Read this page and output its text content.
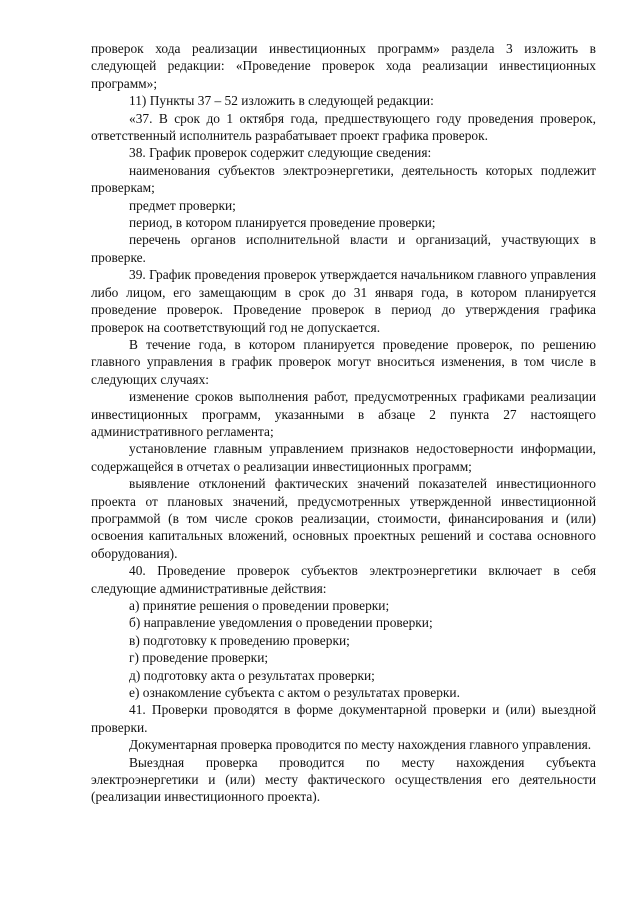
проверок хода реализации инвестиционных программ» раздела 3 изложить в следующей редакции: «Проведение проверок хода реализации инвестиционных программ»;

11) Пункты 37 – 52 изложить в следующей редакции:

«37. В срок до 1 октября года, предшествующего году проведения проверок, ответственный исполнитель разрабатывает проект графика проверок.

38. График проверок содержит следующие сведения:

наименования субъектов электроэнергетики, деятельность которых подлежит проверкам;

предмет проверки;

период, в котором планируется проведение проверки;

перечень органов исполнительной власти и организаций, участвующих в проверке.

39. График проведения проверок утверждается начальником главного управления либо лицом, его замещающим в срок до 31 января года, в котором планируется проведение проверок. Проведение проверок в период до утверждения графика проверок на соответствующий год не допускается.

В течение года, в котором планируется проведение проверок, по решению главного управления в график проверок могут вноситься изменения, в том числе в следующих случаях:

изменение сроков выполнения работ, предусмотренных графиками реализации инвестиционных программ, указанными в абзаце 2 пункта 27 настоящего административного регламента;

установление главным управлением признаков недостоверности информации, содержащейся в отчетах о реализации инвестиционных программ;

выявление отклонений фактических значений показателей инвестиционного проекта от плановых значений, предусмотренных утвержденной инвестиционной программой (в том числе сроков реализации, стоимости, финансирования и (или) освоения капитальных вложений, основных проектных решений и состава основного оборудования).

40. Проведение проверок субъектов электроэнергетики включает в себя следующие административные действия:

а) принятие решения о проведении проверки;

б) направление уведомления о проведении проверки;

в) подготовку к проведению проверки;

г) проведение проверки;

д) подготовку акта о результатах проверки;

е) ознакомление субъекта с актом о результатах проверки.

41. Проверки проводятся в форме документарной проверки и (или) выездной проверки.

Документарная проверка проводится по месту нахождения главного управления.

Выездная проверка проводится по месту нахождения субъекта электроэнергетики и (или) месту фактического осуществления его деятельности (реализации инвестиционного проекта).
